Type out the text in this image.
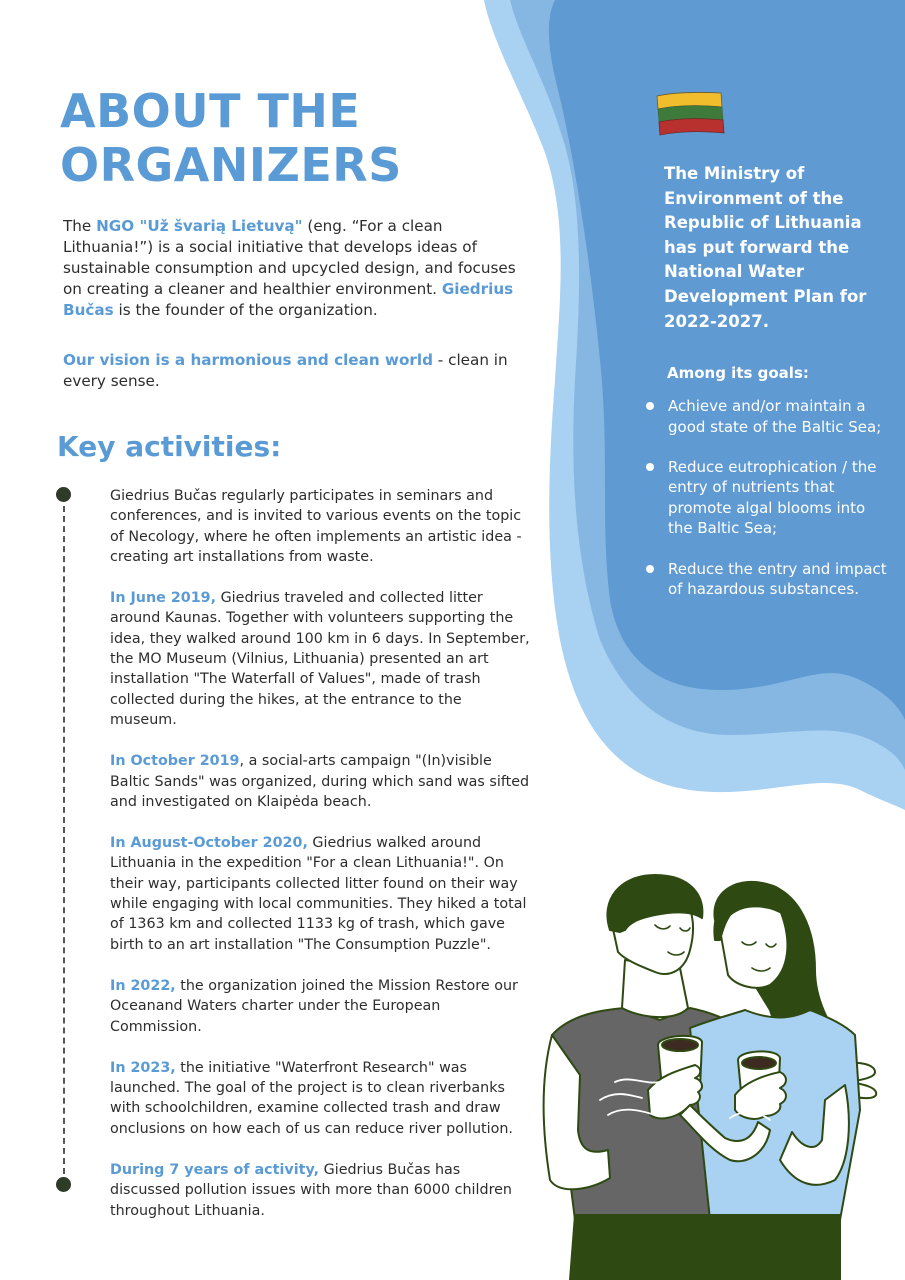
ABOUT THE
ORGANIZERS

The NGO "Už švarią Lietuvą" (eng. “For a clean Lithuania!”) is a social initiative that develops ideas of sustainable consumption and upcycled design, and focuses on creating a cleaner and healthier environment. Giedrius Bučas is the founder of the organization.

Our vision is a harmonious and clean world - clean in every sense.

Key activities:

Giedrius Bučas regularly participates in seminars and conferences, and is invited to various events on the topic of Necology, where he often implements an artistic idea - creating art installations from waste.

In June 2019, Giedrius traveled and collected litter around Kaunas. Together with volunteers supporting the idea, they walked around 100 km in 6 days. In September, the MO Museum (Vilnius, Lithuania) presented an art installation "The Waterfall of Values", made of trash collected during the hikes, at the entrance to the museum.

In October 2019, a social-arts campaign "(In)visible Baltic Sands" was organized, during which sand was sifted and investigated on Klaipėda beach.

In August-October 2020, Giedrius walked around Lithuania in the expedition "For a clean Lithuania!". On their way, participants collected litter found on their way while engaging with local communities. They hiked a total of 1363 km and collected 1133 kg of trash, which gave birth to an art installation "The Consumption Puzzle".

In 2022, the organization joined the Mission Restore our Oceanand Waters charter under the European Commission.

In 2023, the initiative "Waterfront Research" was launched. The goal of the project is to clean riverbanks with schoolchildren, examine collected trash and draw onclusions on how each of us can reduce river pollution.

During 7 years of activity, Giedrius Bučas has discussed pollution issues with more than 6000 children throughout Lithuania.

The Ministry of Environment of the Republic of Lithuania has put forward the National Water Development Plan for 2022-2027.

Among its goals:

Achieve and/or maintain a good state of the Baltic Sea;
Reduce eutrophication / the entry of nutrients that promote algal blooms into the Baltic Sea;
Reduce the entry and impact of hazardous substances.
